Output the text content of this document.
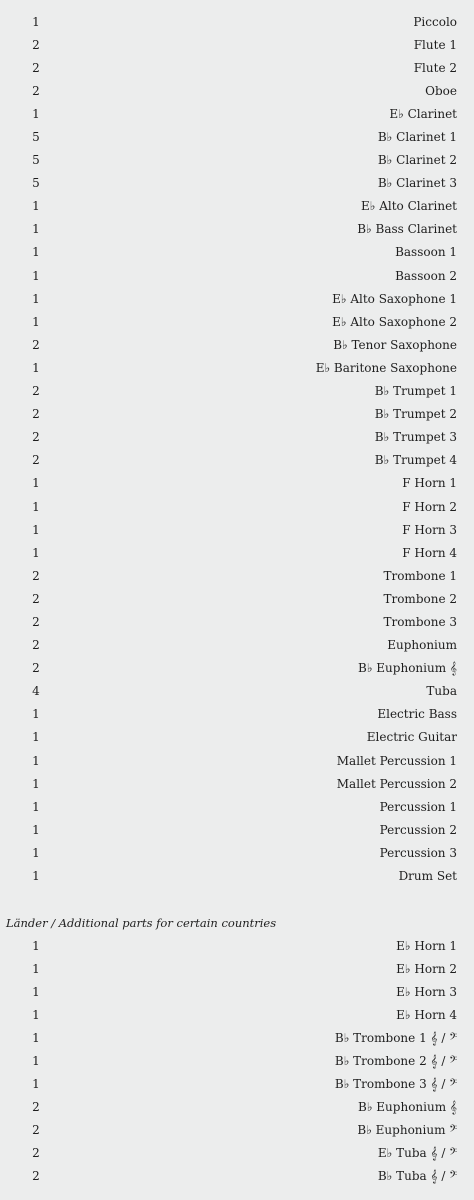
1	Piccolo
2	Flute 1
2	Flute 2
2	Oboe
1	E♭ Clarinet
5	B♭ Clarinet 1
5	B♭ Clarinet 2
5	B♭ Clarinet 3
1	E♭ Alto Clarinet
1	B♭ Bass Clarinet
1	Bassoon 1
1	Bassoon 2
1	E♭ Alto Saxophone 1
1	E♭ Alto Saxophone 2
2	B♭ Tenor Saxophone
1	E♭ Baritone Saxophone
2	B♭ Trumpet 1
2	B♭ Trumpet 2
2	B♭ Trumpet 3
2	B♭ Trumpet 4
1	F Horn 1
1	F Horn 2
1	F Horn 3
1	F Horn 4
2	Trombone 1
2	Trombone 2
2	Trombone 3
2	Euphonium
2	B♭ Euphonium 𝄞
4	Tuba
1	Electric Bass
1	Electric Guitar
1	Mallet Percussion 1
1	Mallet Percussion 2
1	Percussion 1
1	Percussion 2
1	Percussion 3
1	Drum Set
Länder / Additional parts for certain countries
1	E♭ Horn 1
1	E♭ Horn 2
1	E♭ Horn 3
1	E♭ Horn 4
1	B♭ Trombone 1 𝄞 / 𝄢
1	B♭ Trombone 2 𝄞 / 𝄢
1	B♭ Trombone 3 𝄞 / 𝄢
2	B♭ Euphonium 𝄞
2	B♭ Euphonium 𝄢
2	E♭ Tuba 𝄞 / 𝄢
2	B♭ Tuba 𝄞 / 𝄢
